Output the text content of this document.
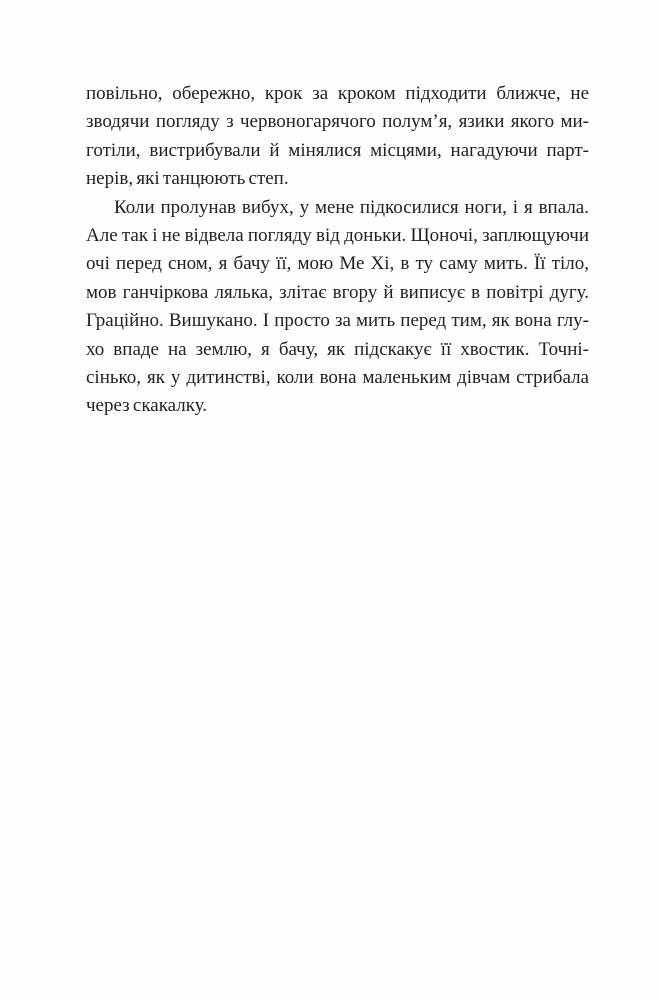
повільно, обережно, крок за кроком підходити ближче, не
зводячи погляду з червоногарячого полум’я, язики якого ми-
готіли, вистрибували й мінялися місцями, нагадуючи парт-
нерів, які танцюють степ.
Коли пролунав вибух, у мене підкосилися ноги, і я впала.
Але так і не відвела погляду від доньки. Щоночі, заплющуючи
очі перед сном, я бачу її, мою Ме Хі, в ту саму мить. Її тіло,
мов ганчіркова лялька, злітає вгору й виписує в повітрі дугу.
Граційно. Вишукано. І просто за мить перед тим, як вона глу-
хо впаде на землю, я бачу, як підскакує її хвостик. Точні-
сінько, як у дитинстві, коли вона маленьким дівчам стрибала
через скакалку.
